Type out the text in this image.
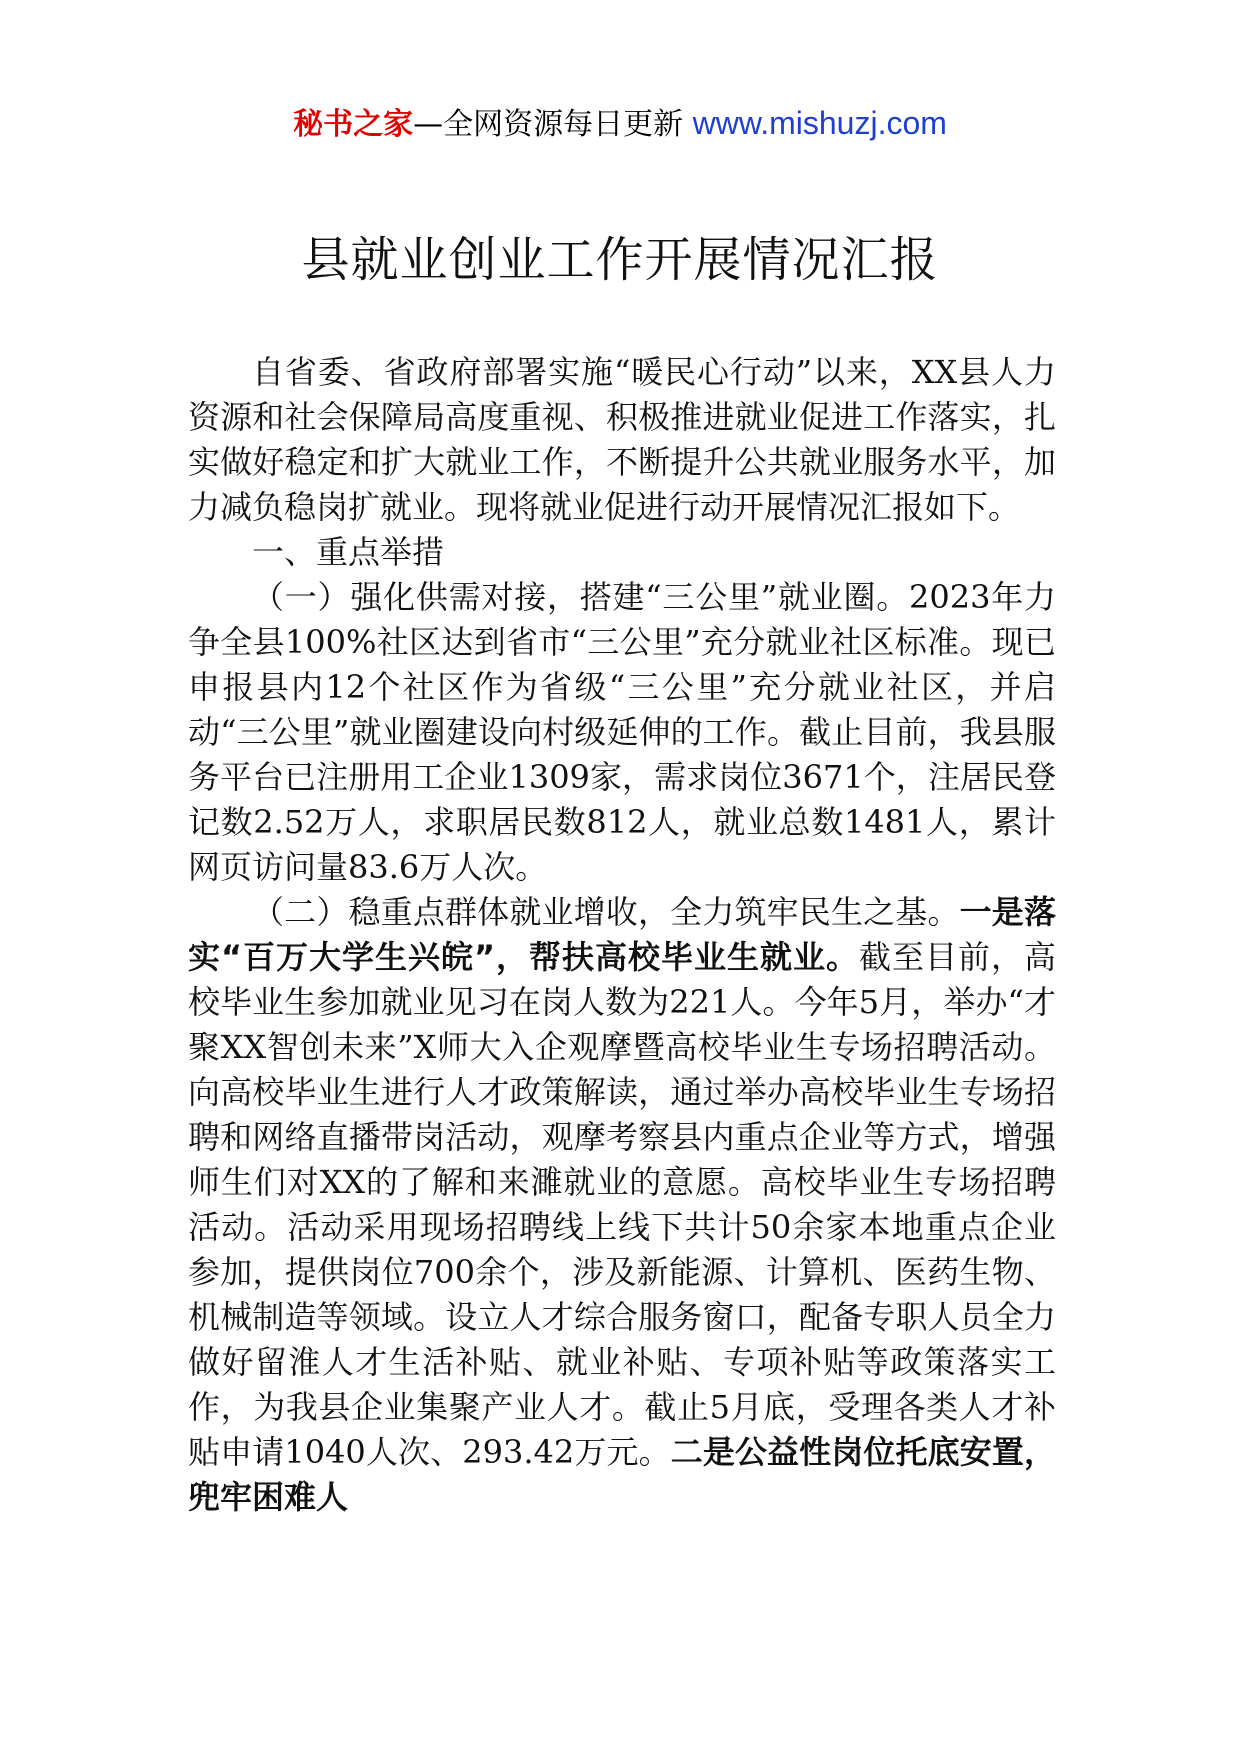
秘书之家—全网资源每日更新 www.mishuzj.com
县就业创业工作开展情况汇报

自省委、省政府部署实施“暖民心行动”以来，XX县人力资源和社会保障局高度重视、积极推进就业促进工作落实，扎实做好稳定和扩大就业工作，不断提升公共就业服务水平，加力减负稳岗扩就业。现将就业促进行动开展情况汇报如下。

一、重点举措

（一）强化供需对接，搭建“三公里”就业圈。2023年力争全县100%社区达到省市“三公里”充分就业社区标准。现已申报县内12个社区作为省级“三公里”充分就业社区，并启动“三公里”就业圈建设向村级延伸的工作。截止目前，我县服务平台已注册用工企业1309家，需求岗位3671个，注居民登记数2.52万人，求职居民数812人，就业总数1481人，累计网页访问量83.6万人次。

（二）稳重点群体就业增收，全力筑牢民生之基。一是落实“百万大学生兴皖”，帮扶高校毕业生就业。截至目前，高校毕业生参加就业见习在岗人数为221人。今年5月，举办“才聚XX智创未来”X师大入企观摩暨高校毕业生专场招聘活动。向高校毕业生进行人才政策解读，通过举办高校毕业生专场招聘和网络直播带岗活动，观摩考察县内重点企业等方式，增强师生们对XX的了解和来濉就业的意愿。高校毕业生专场招聘活动。活动采用现场招聘线上线下共计50余家本地重点企业参加，提供岗位700余个，涉及新能源、计算机、医药生物、机械制造等领域。设立人才综合服务窗口，配备专职人员全力做好留淮人才生活补贴、就业补贴、专项补贴等政策落实工作，为我县企业集聚产业人才。截止5月底，受理各类人才补贴申请1040人次、293.42万元。二是公益性岗位托底安置，兜牢困难人
